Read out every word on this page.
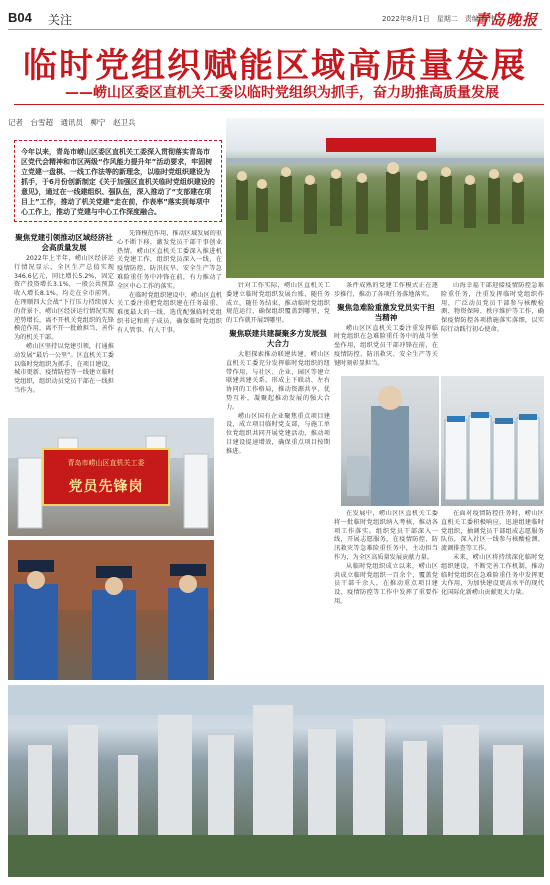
B04 关注	2022年8月1日　星期二　责编 杨伟
青岛晚报
临时党组织赋能区域高质量发展
——崂山区委区直机关工委以临时党组织为抓手，奋力助推高质量发展
记者　台雪超　通讯员　柳宁　赵卫兵
今年以来，青岛市崂山区委区直机关工委深入贯彻落实青岛市区党代会精神和市区两级“作风能力提升年”活动要求，牢固树立党建一盘棋、一线工作法等的新理念，以临时党组织建设为抓手，于6月份创新制定《关于加强区直机关临时党组织建设的意见》，通过在一线建组织、强队伍，深入推动了“支部建在项目上”工作，推动了机关党建“走在前，作表率”落实到每项中心工作上，推动了党建与中心工作深度融合。
聚焦党建引领推动区域经济社会高质量发展

2022年上半年，崂山区经济运行情况显示，全区生产总值实现346.6亿元，同比增长5.2%，固定资产投资增长3.1%，一般公共预算收入增长8.1%，均走在全市前列。在理顺四大会战“下行压力持续加大的背景下，崂山区经济运行情况实现逆势增长，离不开机关党组织的先锋模范作用，离不开一批敢担当、善作为的机关干部。

崂山区坚持以党建引领，打通推动发展“最后一公里”。区直机关工委以临时党组织为抓手，在项目建设、城市更新、疫情防控等一线建立临时党组织，组织动员党员干部在一线担当作为。

先锋模范作用，推动区域发展的重心不断下移，激发党员干部干事创业热情。崂山区直机关工委深入推进机关党建工作，组织党员深入一线，在疫情防控、防汛抗旱、安全生产等急难险重任务中冲锋在前，有力推动了全区中心工作的落实。

在临时党组织建设中，崂山区直机关工委注重把党组织建在任务最重、难度最大的一线，选优配强临时党组织书记和班子成员，确保临时党组织有人管事、有人干事。

针对工作实际，崂山区直机关工委建立临时党组织发展台账，随任务成立，随任务结束，推动临时党组织规范运行，确保组织覆盖到哪里，党的工作就开展到哪里。

聚焦联建共建凝聚多方发展强大合力

大胆探索推动联建共建，崂山区直机关工委充分发挥临时党组织的纽带作用，与社区、企业、园区等建立联建共建关系，形成上下联动、左右协同的工作格局，推动资源共享、优势互补，凝聚起推动发展的强大合力。

崂山区国有企业聚焦重点项目建设，成立项目临时党支部，与施工单位党组织共同开展党建活动，推动项目建设提速增效，确保重点项目按期推进。

条件成熟的党建工作模式正在逐步推行，推动了各项任务落地落实。

聚焦急难险重激发党员实干担当精神

崂山区区直机关工委注重发挥临时党组织在急难险重任务中的战斗堡垒作用，组织党员干部冲锋在前，在疫情防控、防汛救灾、安全生产等关键时刻彰显担当。

山海幸福干部迎接疫情防控急难险重任务，注重发挥临时党组织作用，广泛动员党员干部参与核酸检测、物资保障、秩序维护等工作，确保疫情防控各项措施落实落细，以实际行动践行初心使命。

在发展中，崂山区区直机关工委将一批临时党组织纳入考核，推动各项工作落实。组织党员干部深入一线，开展志愿服务，在疫情防控、防汛救灾等急难险重任务中，主动担当作为，为全区高质量发展贡献力量。

从临时党组织成立以来，崂山区共成立临时党组织一百余个，覆盖党员干部千余人，在推动重点项目建设、疫情防控等工作中发挥了重要作用。

在面对疫情防控任务时，崂山区直机关工委积极响应，迅速组建临时党组织，抽调党员干部组成志愿服务队伍，深入社区一线参与核酸检测、流调排查等工作。

未来，崂山区将持续深化临时党组织建设，不断完善工作机制，推动临时党组织在急难险重任务中发挥更大作用，为加快建设更高水平的现代化国际化新崂山贡献更大力量。

青岛市崂山区直机关工委
党员先锋岗
